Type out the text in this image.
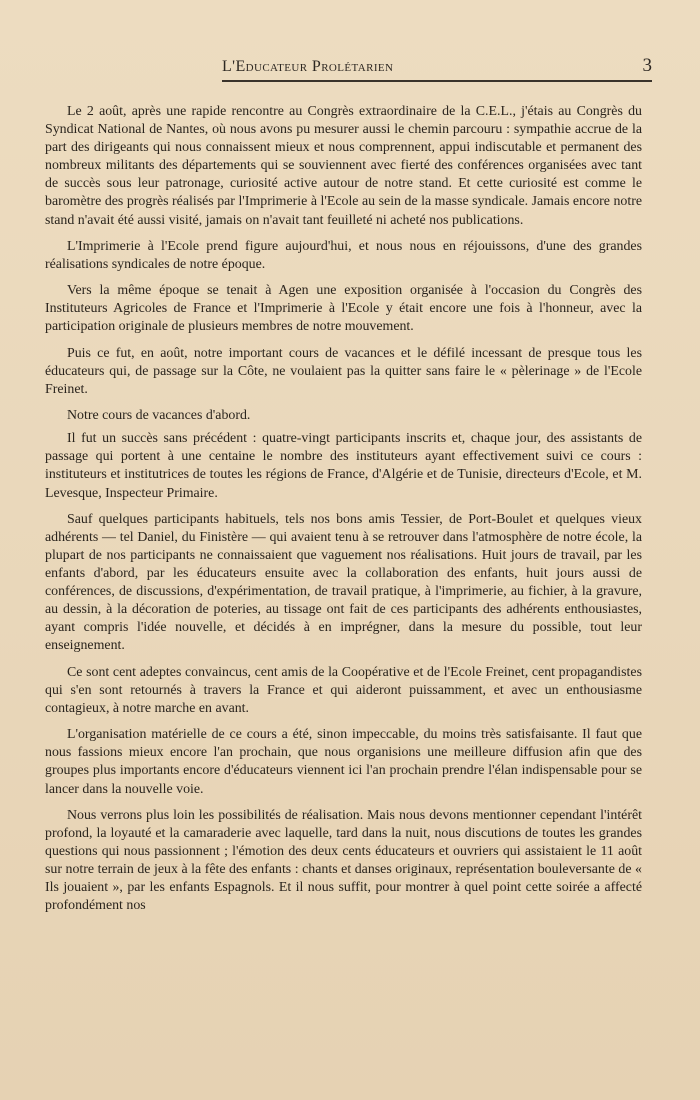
L'Educateur Prolétarien	3

Le 2 août, après une rapide rencontre au Congrès extraordinaire de la C.E.L., j'étais au Congrès du Syndicat National de Nantes, où nous avons pu mesurer aussi le chemin parcouru : sympathie accrue de la part des dirigeants qui nous connaissent mieux et nous comprennent, appui indiscutable et permanent des nombreux militants des départements qui se souviennent avec fierté des conférences organisées avec tant de succès sous leur patronage, curiosité active autour de notre stand. Et cette curiosité est comme le baromètre des progrès réalisés par l'Imprimerie à l'Ecole au sein de la masse syndicale. Jamais encore notre stand n'avait été aussi visité, jamais on n'avait tant feuilleté ni acheté nos publications.

L'Imprimerie à l'Ecole prend figure aujourd'hui, et nous nous en réjouissons, d'une des grandes réalisations syndicales de notre époque.

Vers la même époque se tenait à Agen une exposition organisée à l'occasion du Congrès des Instituteurs Agricoles de France et l'Imprimerie à l'Ecole y était encore une fois à l'honneur, avec la participation originale de plusieurs membres de notre mouvement.

Puis ce fut, en août, notre important cours de vacances et le défilé incessant de presque tous les éducateurs qui, de passage sur la Côte, ne voulaient pas la quitter sans faire le « pèlerinage » de l'Ecole Freinet.

Notre cours de vacances d'abord.

Il fut un succès sans précédent : quatre-vingt participants inscrits et, chaque jour, des assistants de passage qui portent à une centaine le nombre des instituteurs ayant effectivement suivi ce cours : instituteurs et institutrices de toutes les régions de France, d'Algérie et de Tunisie, directeurs d'Ecole, et M. Levesque, Inspecteur Primaire.

Sauf quelques participants habituels, tels nos bons amis Tessier, de Port-Boulet et quelques vieux adhérents — tel Daniel, du Finistère — qui avaient tenu à se retrouver dans l'atmosphère de notre école, la plupart de nos participants ne connaissaient que vaguement nos réalisations. Huit jours de travail, par les enfants d'abord, par les éducateurs ensuite avec la collaboration des enfants, huit jours aussi de conférences, de discussions, d'expérimentation, de travail pratique, à l'imprimerie, au fichier, à la gravure, au dessin, à la décoration de poteries, au tissage ont fait de ces participants des adhérents enthousiastes, ayant compris l'idée nouvelle, et décidés à en imprégner, dans la mesure du possible, tout leur enseignement.

Ce sont cent adeptes convaincus, cent amis de la Coopérative et de l'Ecole Freinet, cent propagandistes qui s'en sont retournés à travers la France et qui aideront puissamment, et avec un enthousiasme contagieux, à notre marche en avant.

L'organisation matérielle de ce cours a été, sinon impeccable, du moins très satisfaisante. Il faut que nous fassions mieux encore l'an prochain, que nous organisions une meilleure diffusion afin que des groupes plus importants encore d'éducateurs viennent ici l'an prochain prendre l'élan indispensable pour se lancer dans la nouvelle voie.

Nous verrons plus loin les possibilités de réalisation. Mais nous devons mentionner cependant l'intérêt profond, la loyauté et la camaraderie avec laquelle, tard dans la nuit, nous discutions de toutes les grandes questions qui nous passionnent ; l'émotion des deux cents éducateurs et ouvriers qui assistaient le 11 août sur notre terrain de jeux à la fête des enfants : chants et danses originaux, représentation bouleversante de « Ils jouaient », par les enfants Espagnols. Et il nous suffit, pour montrer à quel point cette soirée a affecté profondément nos
